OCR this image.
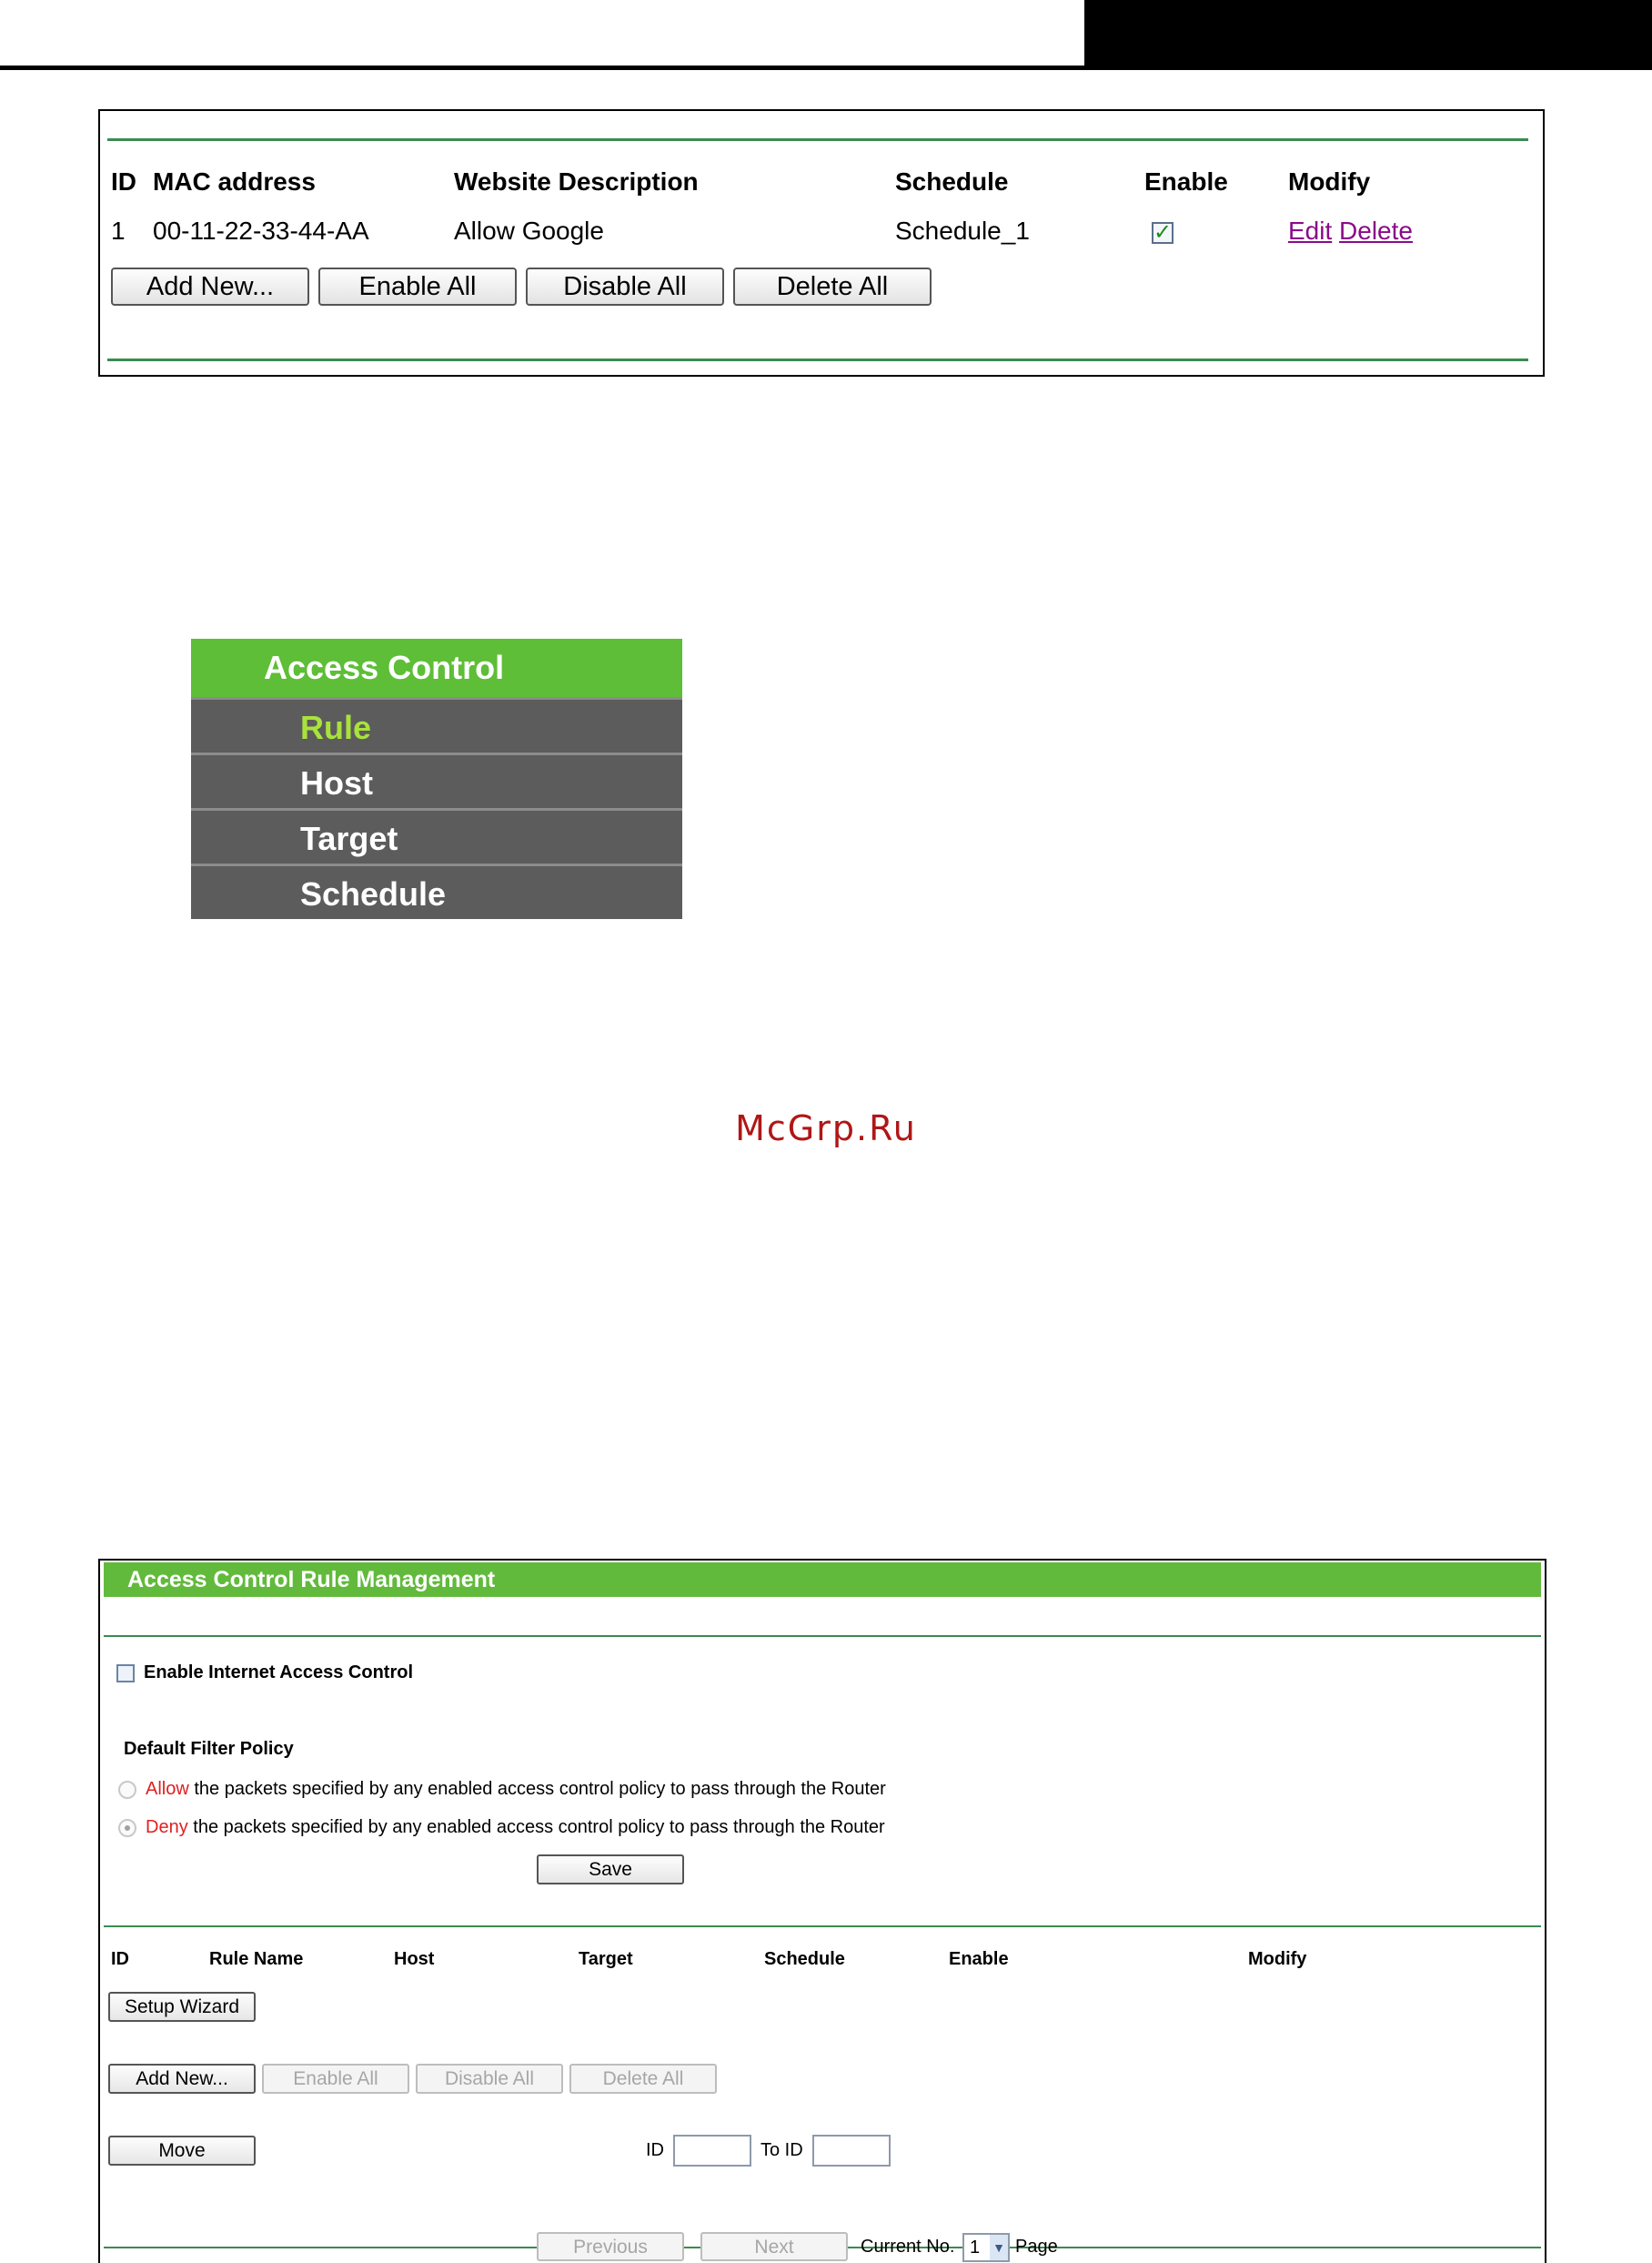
ID MAC address	Website Description	Schedule	Enable Modify
1 00-11-22-33-44-AA	Allow Google	Schedule_1	✓	Edit Delete
Add New...	Enable All	Disable All	Delete All
Access Control
Rule
Host
Target
Schedule
McGrp.Ru
Access Control Rule Management
Enable Internet Access Control
Default Filter Policy
Allow the packets specified by any enabled access control policy to pass through the Router
Deny the packets specified by any enabled access control policy to pass through the Router
Save
ID	Rule Name	Host	Target	Schedule	Enable	Modify
Setup Wizard
Add New...	Enable All	Disable All	Delete All
Move	ID	To ID
Previous	Next	Current No. 1 ▼ Page
